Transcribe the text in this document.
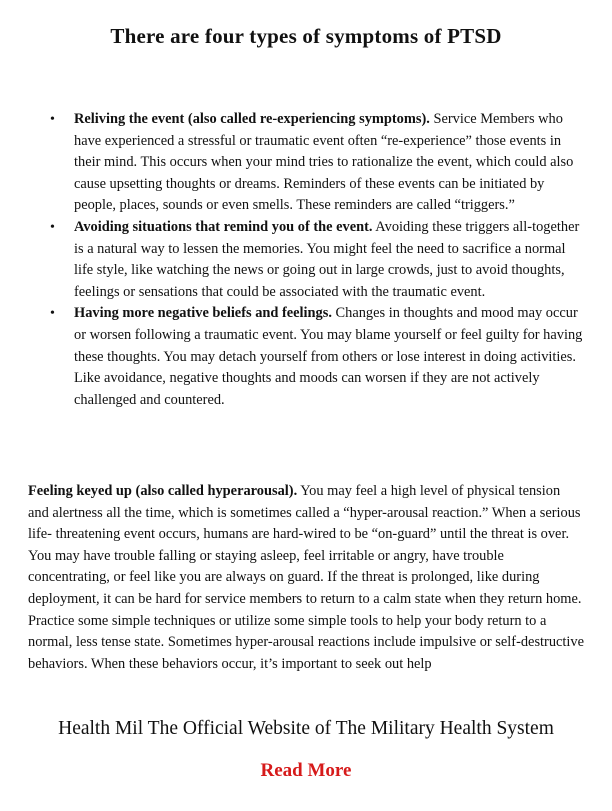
There are four types of symptoms of PTSD
• Reliving the event (also called re-experiencing symptoms). Service Members who have experienced a stressful or traumatic event often “re-experience” those events in their mind. This occurs when your mind tries to rationalize the event, which could also cause upsetting thoughts or dreams. Reminders of these events can be initiated by people, places, sounds or even smells. These reminders are called “triggers.”
• Avoiding situations that remind you of the event. Avoiding these triggers all-together is a natural way to lessen the memories. You might feel the need to sacrifice a normal life style, like watching the news or going out in large crowds, just to avoid thoughts, feelings or sensations that could be associated with the traumatic event.
• Having more negative beliefs and feelings. Changes in thoughts and mood may occur or worsen following a traumatic event. You may blame yourself or feel guilty for having these thoughts. You may detach yourself from others or lose interest in doing activities. Like avoidance, negative thoughts and moods can worsen if they are not actively challenged and countered.

Feeling keyed up (also called hyperarousal). You may feel a high level of physical tension and alertness all the time, which is sometimes called a “hyper-arousal reaction.” When a serious life- threatening event occurs, humans are hard-wired to be “on-guard” until the threat is over. You may have trouble falling or staying asleep, feel irritable or angry, have trouble concentrating, or feel like you are always on guard. If the threat is prolonged, like during deployment, it can be hard for service members to return to a calm state when they return home. Practice some simple techniques or utilize some simple tools to help your body return to a normal, less tense state. Sometimes hyper-arousal reactions include impulsive or self-destructive behaviors. When these behaviors occur, it’s important to seek out help

Health Mil The Official Website of The Military Health System
Read More
